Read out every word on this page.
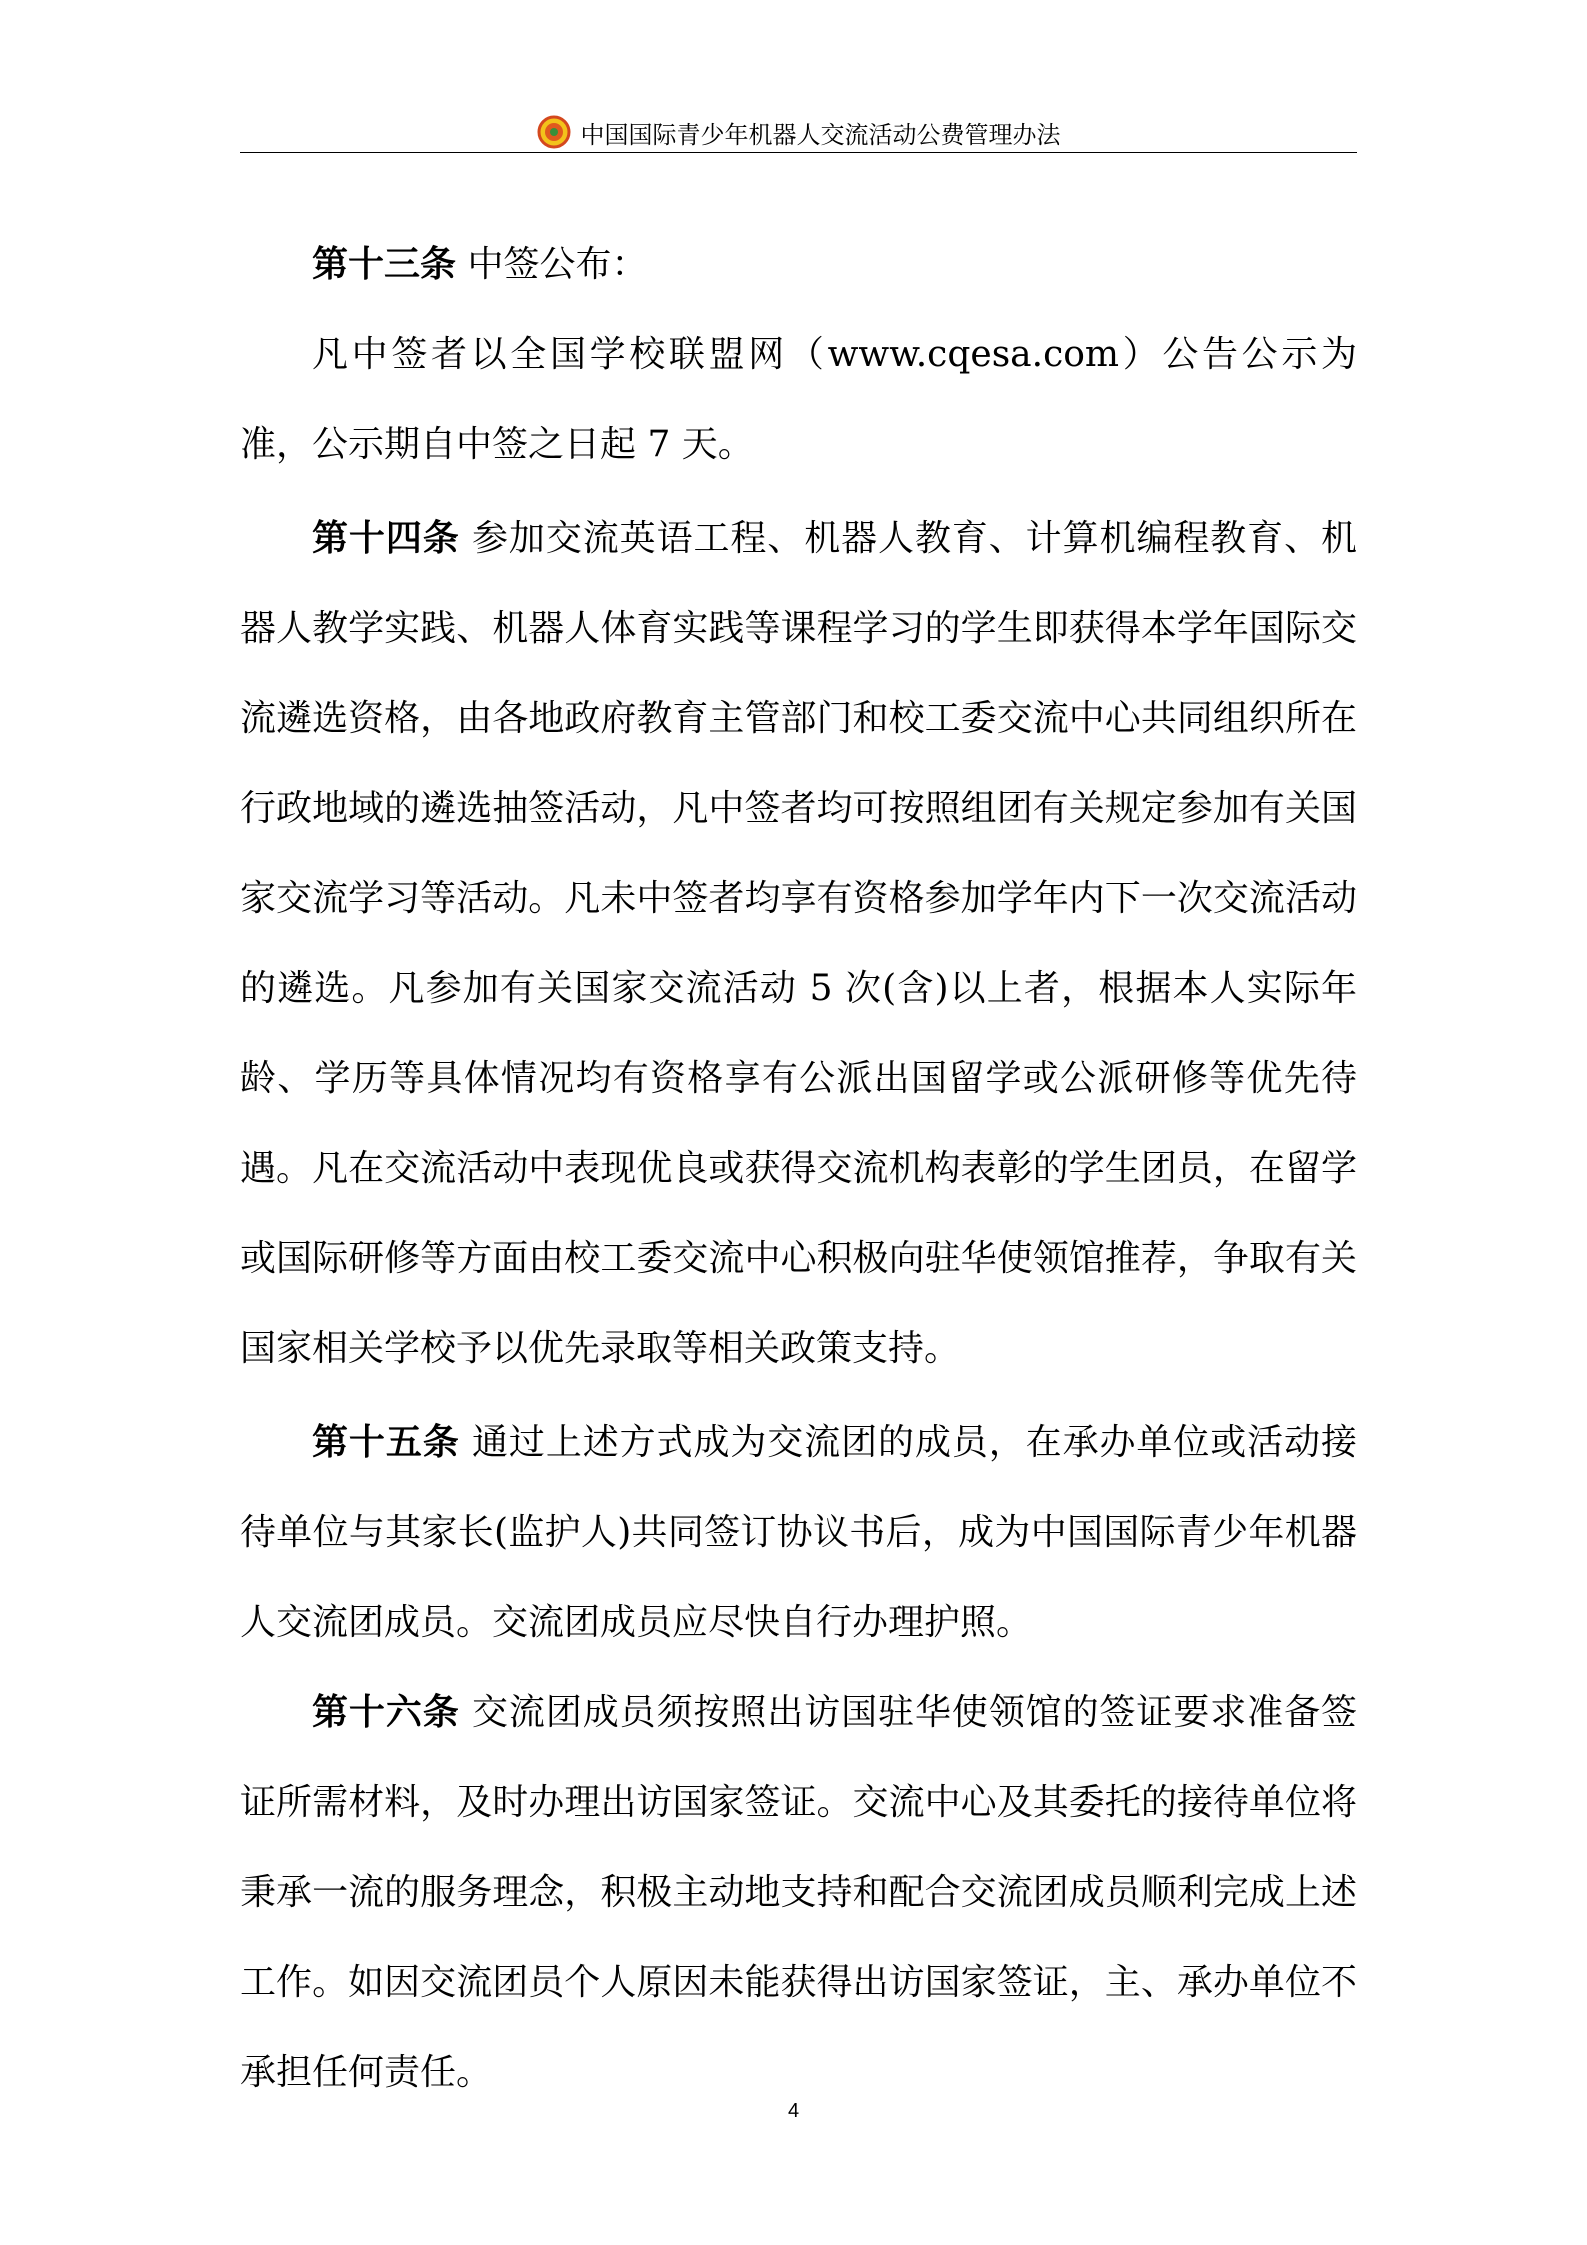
中国国际青少年机器人交流活动公费管理办法

第十三条 中签公布：

凡中签者以全国学校联盟网（www.cqesa.com）公告公示为准，公示期自中签之日起 7 天。

第十四条 参加交流英语工程、机器人教育、计算机编程教育、机器人教学实践、机器人体育实践等课程学习的学生即获得本学年国际交流遴选资格，由各地政府教育主管部门和校工委交流中心共同组织所在行政地域的遴选抽签活动，凡中签者均可按照组团有关规定参加有关国家交流学习等活动。凡未中签者均享有资格参加学年内下一次交流活动的遴选。凡参加有关国家交流活动 5 次(含)以上者，根据本人实际年龄、学历等具体情况均有资格享有公派出国留学或公派研修等优先待遇。凡在交流活动中表现优良或获得交流机构表彰的学生团员，在留学或国际研修等方面由校工委交流中心积极向驻华使领馆推荐，争取有关国家相关学校予以优先录取等相关政策支持。

第十五条 通过上述方式成为交流团的成员，在承办单位或活动接待单位与其家长(监护人)共同签订协议书后，成为中国国际青少年机器人交流团成员。交流团成员应尽快自行办理护照。

第十六条 交流团成员须按照出访国驻华使领馆的签证要求准备签证所需材料，及时办理出访国家签证。交流中心及其委托的接待单位将秉承一流的服务理念，积极主动地支持和配合交流团成员顺利完成上述工作。如因交流团员个人原因未能获得出访国家签证，主、承办单位不承担任何责任。

4
